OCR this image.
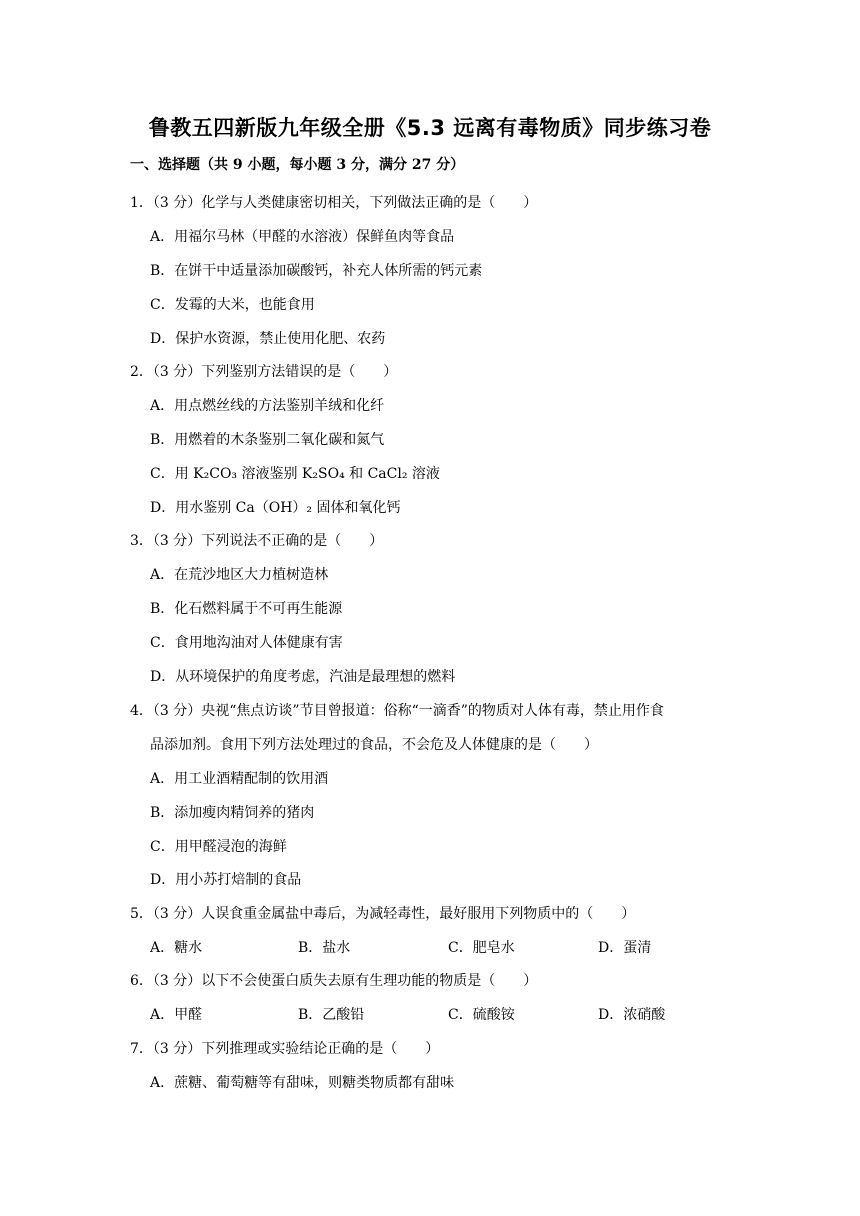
鲁教五四新版九年级全册《5.3 远离有毒物质》同步练习卷
一、选择题（共 9 小题，每小题 3 分，满分 27 分）
1．（3 分）化学与人类健康密切相关，下列做法正确的是（　　）
A．用福尔马林（甲醛的水溶液）保鲜鱼肉等食品
B．在饼干中适量添加碳酸钙，补充人体所需的钙元素
C．发霉的大米，也能食用
D．保护水资源，禁止使用化肥、农药
2．（3 分）下列鉴别方法错误的是（　　）
A．用点燃丝线的方法鉴别羊绒和化纤
B．用燃着的木条鉴别二氧化碳和氮气
C．用 K₂CO₃ 溶液鉴别 K₂SO₄ 和 CaCl₂ 溶液
D．用水鉴别 Ca（OH）₂ 固体和氧化钙
3．（3 分）下列说法不正确的是（　　）
A．在荒沙地区大力植树造林
B．化石燃料属于不可再生能源
C．食用地沟油对人体健康有害
D．从环境保护的角度考虑，汽油是最理想的燃料
4．（3 分）央视“焦点访谈”节目曾报道：俗称“一滴香”的物质对人体有毒，禁止用作食
品添加剂。食用下列方法处理过的食品，不会危及人体健康的是（　　）
A．用工业酒精配制的饮用酒
B．添加瘦肉精饲养的猪肉
C．用甲醛浸泡的海鲜
D．用小苏打焙制的食品
5．（3 分）人误食重金属盐中毒后，为减轻毒性，最好服用下列物质中的（　　）
A．糖水	B．盐水	C．肥皂水	D．蛋清
6．（3 分）以下不会使蛋白质失去原有生理功能的物质是（　　）
A．甲醛	B．乙酸铅	C．硫酸铵	D．浓硝酸
7．（3 分）下列推理或实验结论正确的是（　　）
A．蔗糖、葡萄糖等有甜味，则糖类物质都有甜味
